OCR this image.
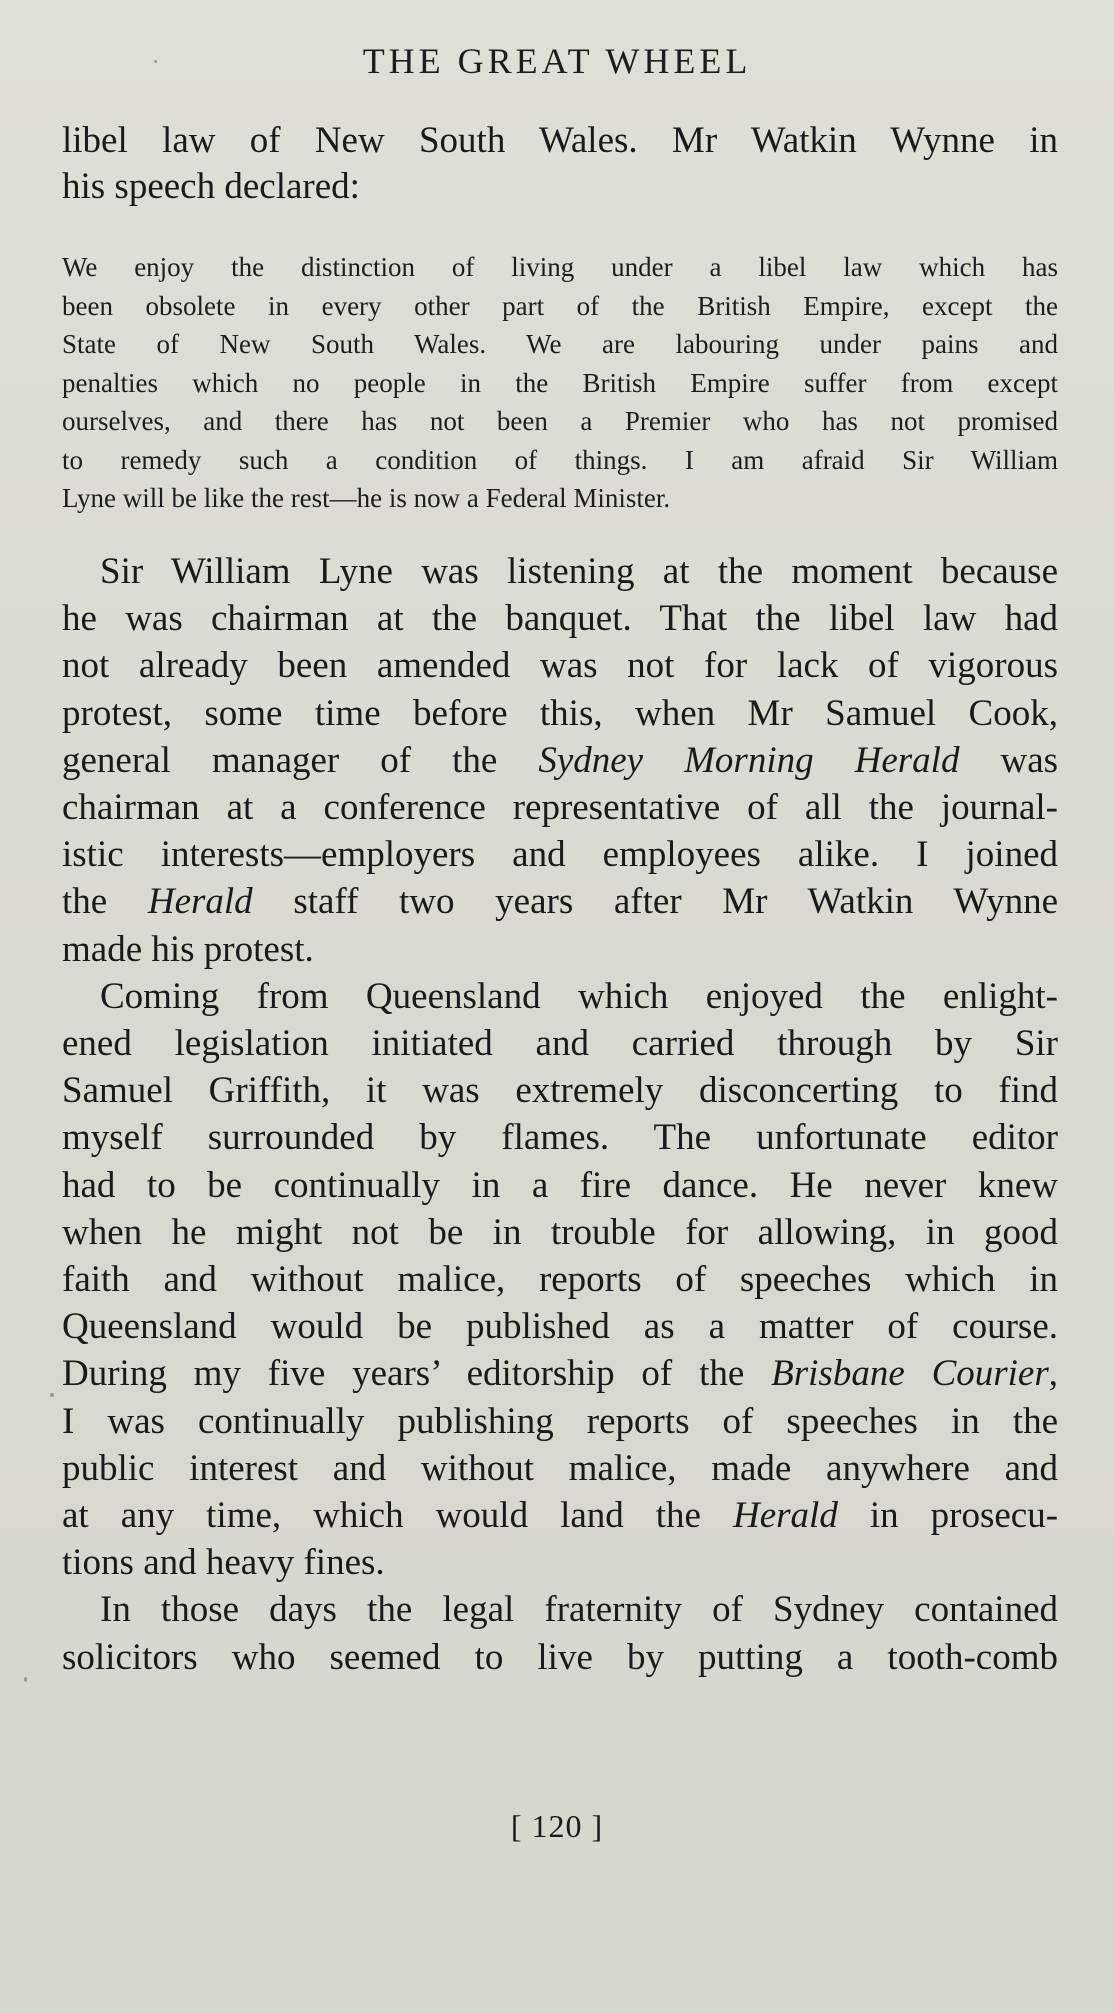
THE GREAT WHEEL
libel law of New South Wales. Mr Watkin Wynne in
his speech declared:
We enjoy the distinction of living under a libel law which has
been obsolete in every other part of the British Empire, except the
State of New South Wales. We are labouring under pains and
penalties which no people in the British Empire suffer from except
ourselves, and there has not been a Premier who has not promised
to remedy such a condition of things. I am afraid Sir William
Lyne will be like the rest—he is now a Federal Minister.
Sir William Lyne was listening at the moment because
he was chairman at the banquet. That the libel law had
not already been amended was not for lack of vigorous
protest, some time before this, when Mr Samuel Cook,
general manager of the Sydney Morning Herald was
chairman at a conference representative of all the journal-
istic interests—employers and employees alike. I joined
the Herald staff two years after Mr Watkin Wynne
made his protest.
Coming from Queensland which enjoyed the enlight-
ened legislation initiated and carried through by Sir
Samuel Griffith, it was extremely disconcerting to find
myself surrounded by flames. The unfortunate editor
had to be continually in a fire dance. He never knew
when he might not be in trouble for allowing, in good
faith and without malice, reports of speeches which in
Queensland would be published as a matter of course.
During my five years’ editorship of the Brisbane Courier,
I was continually publishing reports of speeches in the
public interest and without malice, made anywhere and
at any time, which would land the Herald in prosecu-
tions and heavy fines.
In those days the legal fraternity of Sydney contained
solicitors who seemed to live by putting a tooth-comb
[ 120 ]
